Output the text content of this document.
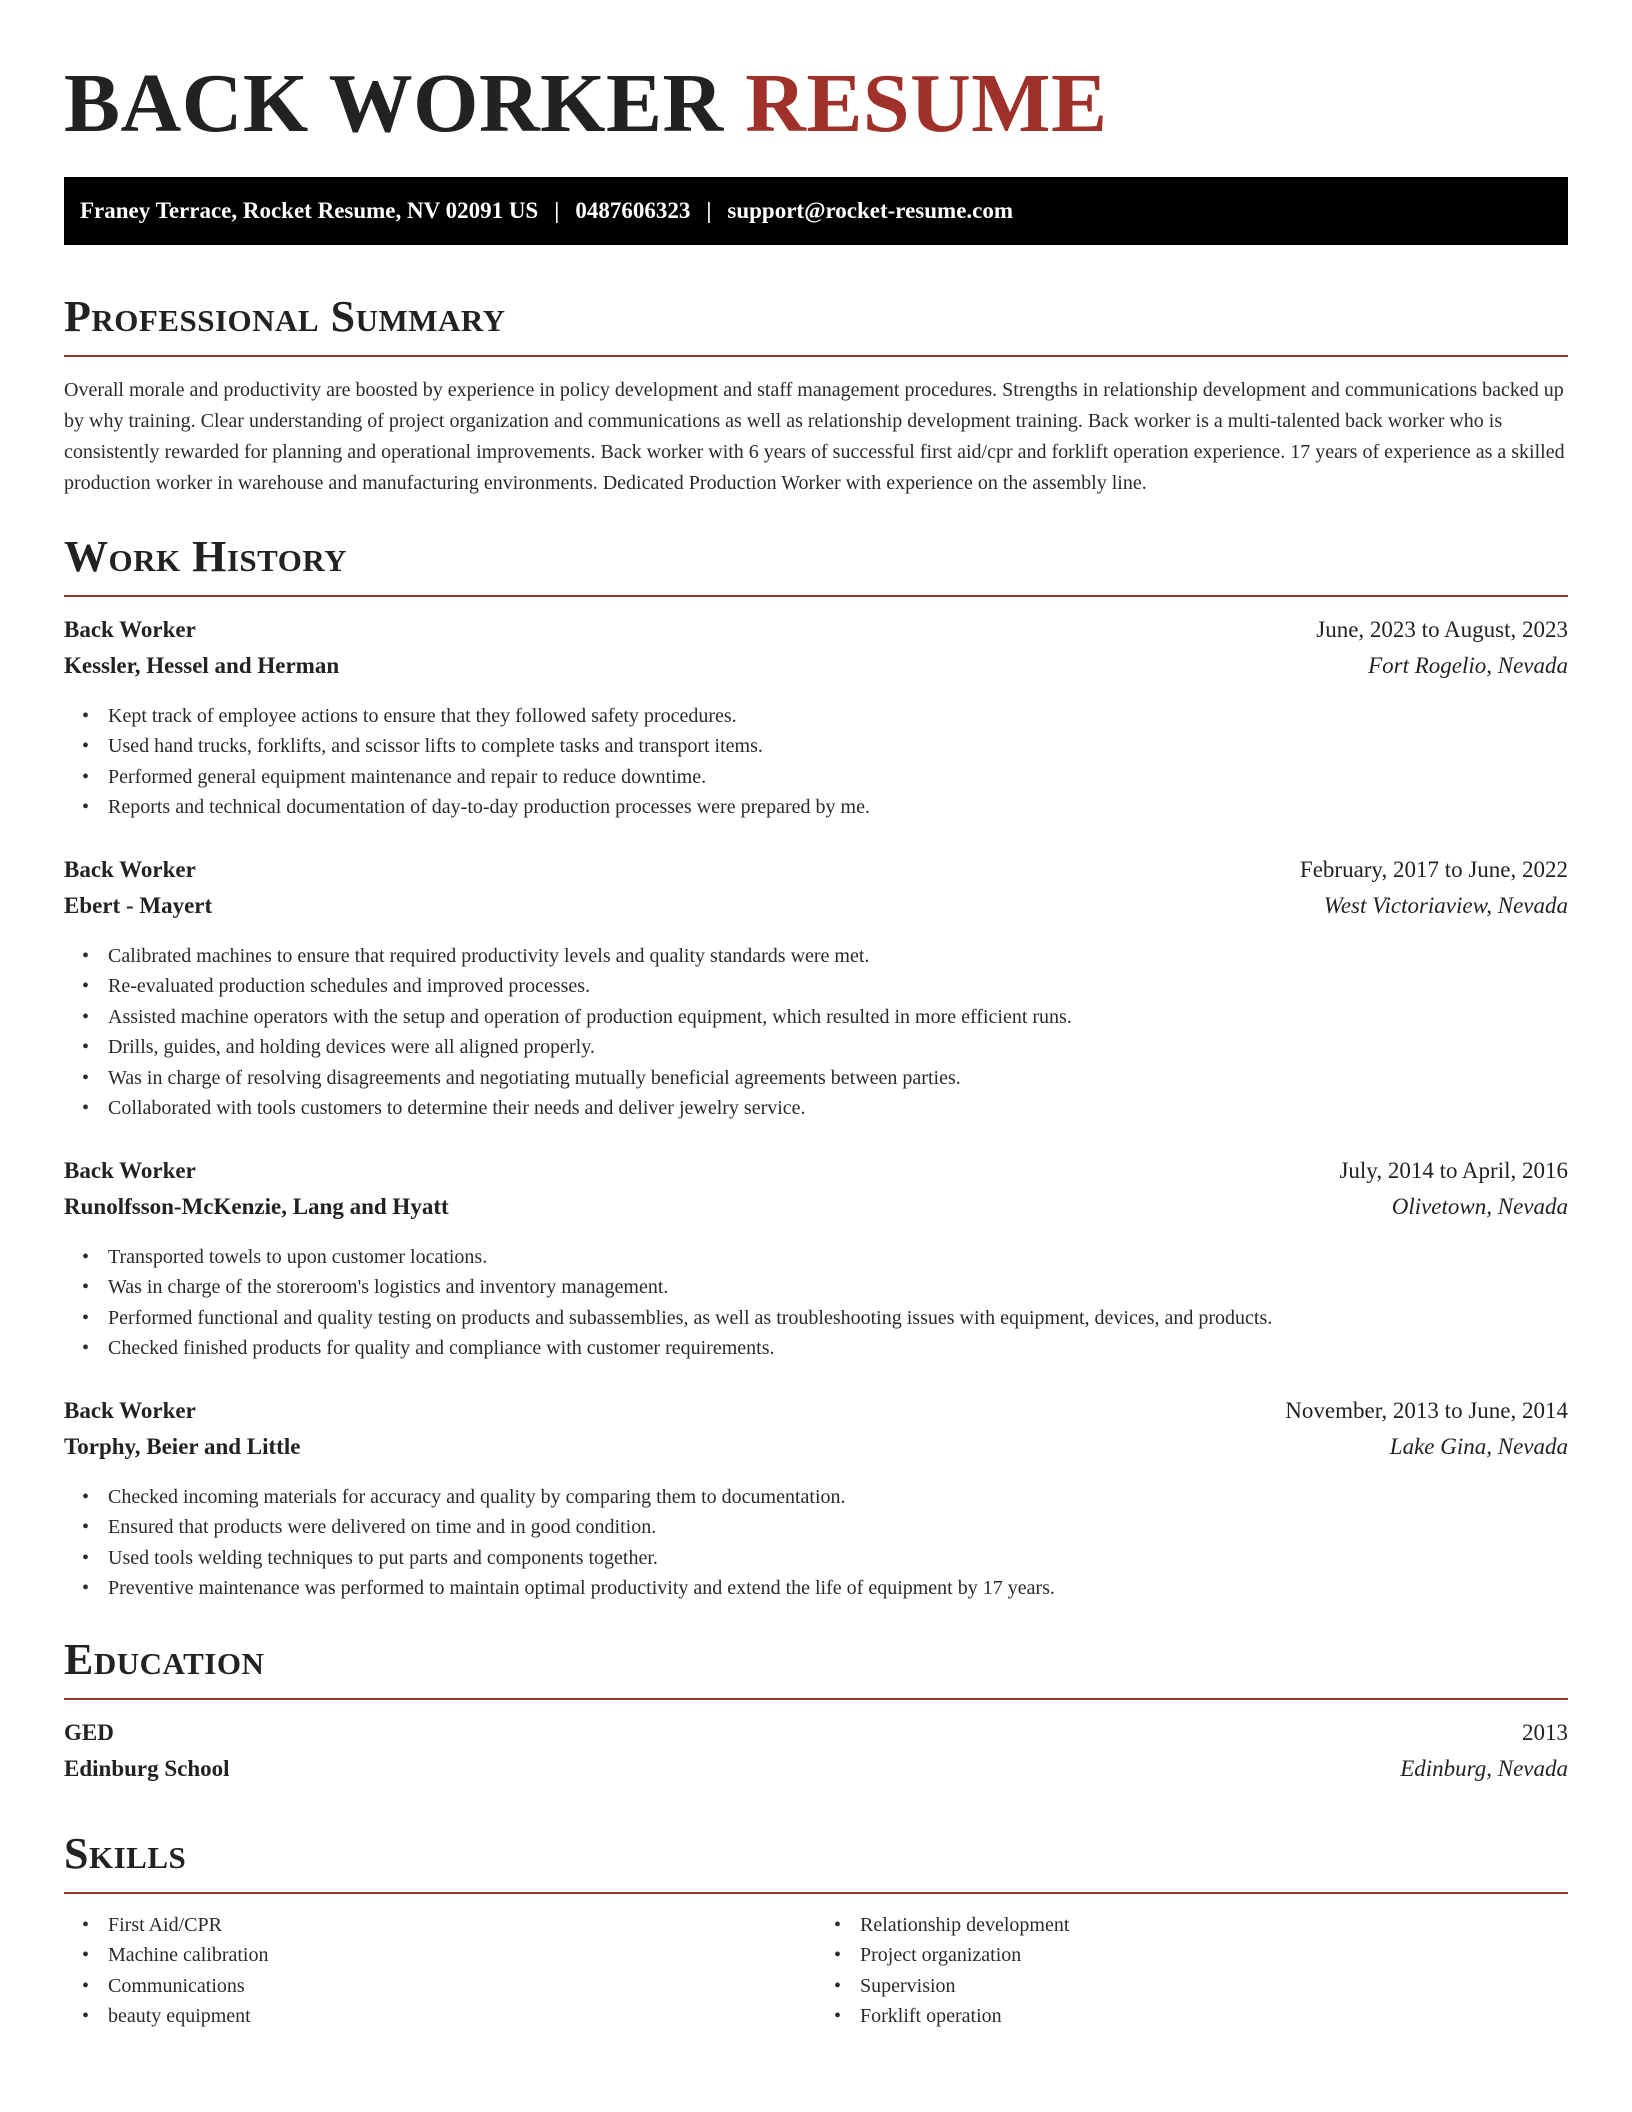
BACK WORKER RESUME
Franey Terrace, Rocket Resume, NV 02091 US | 0487606323 | support@rocket-resume.com
Professional Summary

Overall morale and productivity are boosted by experience in policy development and staff management procedures. Strengths in relationship development and communications backed up by why training. Clear understanding of project organization and communications as well as relationship development training. Back worker is a multi-talented back worker who is consistently rewarded for planning and operational improvements. Back worker with 6 years of successful first aid/cpr and forklift operation experience. 17 years of experience as a skilled production worker in warehouse and manufacturing environments. Dedicated Production Worker with experience on the assembly line.

Work History
Back Worker	June, 2023 to August, 2023
Kessler, Hessel and Herman	Fort Rogelio, Nevada
• Kept track of employee actions to ensure that they followed safety procedures.
• Used hand trucks, forklifts, and scissor lifts to complete tasks and transport items.
• Performed general equipment maintenance and repair to reduce downtime.
• Reports and technical documentation of day-to-day production processes were prepared by me.
Back Worker	February, 2017 to June, 2022
Ebert - Mayert	West Victoriaview, Nevada
• Calibrated machines to ensure that required productivity levels and quality standards were met.
• Re-evaluated production schedules and improved processes.
• Assisted machine operators with the setup and operation of production equipment, which resulted in more efficient runs.
• Drills, guides, and holding devices were all aligned properly.
• Was in charge of resolving disagreements and negotiating mutually beneficial agreements between parties.
• Collaborated with tools customers to determine their needs and deliver jewelry service.
Back Worker	July, 2014 to April, 2016
Runolfsson-McKenzie, Lang and Hyatt	Olivetown, Nevada
• Transported towels to upon customer locations.
• Was in charge of the storeroom's logistics and inventory management.
• Performed functional and quality testing on products and subassemblies, as well as troubleshooting issues with equipment, devices, and products.
• Checked finished products for quality and compliance with customer requirements.
Back Worker	November, 2013 to June, 2014
Torphy, Beier and Little	Lake Gina, Nevada
• Checked incoming materials for accuracy and quality by comparing them to documentation.
• Ensured that products were delivered on time and in good condition.
• Used tools welding techniques to put parts and components together.
• Preventive maintenance was performed to maintain optimal productivity and extend the life of equipment by 17 years.
Education
GED	2013
Edinburg School	Edinburg, Nevada
Skills
• First Aid/CPR
• Machine calibration
• Communications
• beauty equipment
• Relationship development
• Project organization
• Supervision
• Forklift operation
